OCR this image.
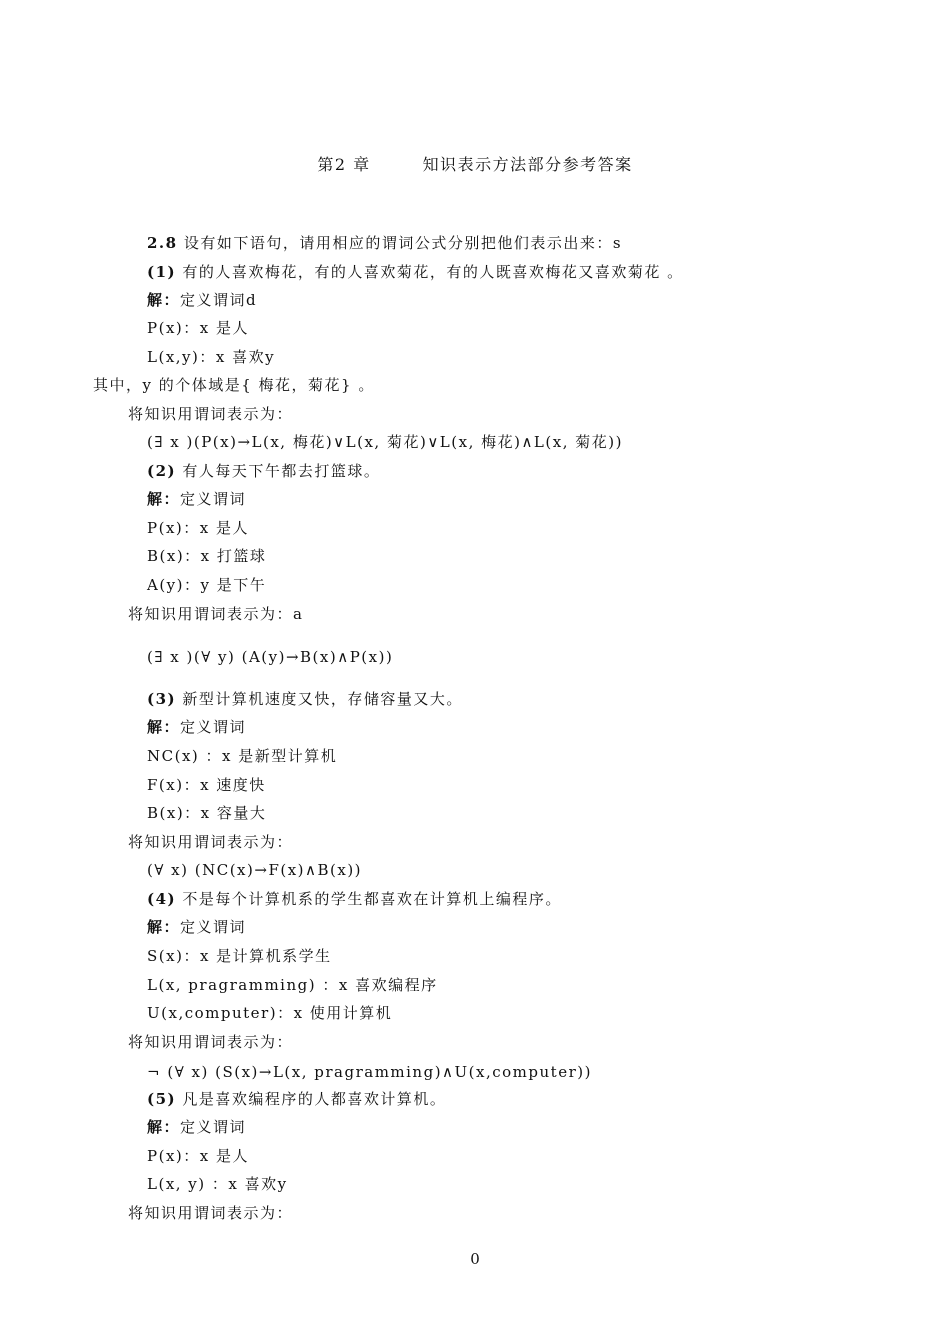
第2 章	知识表示方法部分参考答案
2.8 设有如下语句，请用相应的谓词公式分别把他们表示出来：s
(1) 有的人喜欢梅花，有的人喜欢菊花，有的人既喜欢梅花又喜欢菊花 。
解：定义谓词d
P(x)：x 是人
L(x,y)：x 喜欢y
其中，y 的个体域是{ 梅花，菊花} 。
将知识用谓词表示为：
(∃ x )(P(x)→L(x, 梅花)∨L(x, 菊花)∨L(x, 梅花)∧L(x, 菊花))
(2) 有人每天下午都去打篮球。
解：定义谓词
P(x)：x 是人
B(x)：x 打篮球
A(y)：y 是下午
将知识用谓词表示为：a
(∃ x )(∀ y) (A(y)→B(x)∧P(x))
(3) 新型计算机速度又快，存储容量又大。
解：定义谓词
NC(x) ：x 是新型计算机
F(x)：x 速度快
B(x)：x 容量大
将知识用谓词表示为：
(∀ x) (NC(x)→F(x)∧B(x))
(4) 不是每个计算机系的学生都喜欢在计算机上编程序。
解：定义谓词
S(x)：x 是计算机系学生
L(x, pragramming) ：x 喜欢编程序
U(x,computer)：x 使用计算机
将知识用谓词表示为：
¬ (∀ x) (S(x)→L(x, pragramming)∧U(x,computer))
(5) 凡是喜欢编程序的人都喜欢计算机。
解：定义谓词
P(x)：x 是人
L(x, y) ：x 喜欢y
将知识用谓词表示为：
0
